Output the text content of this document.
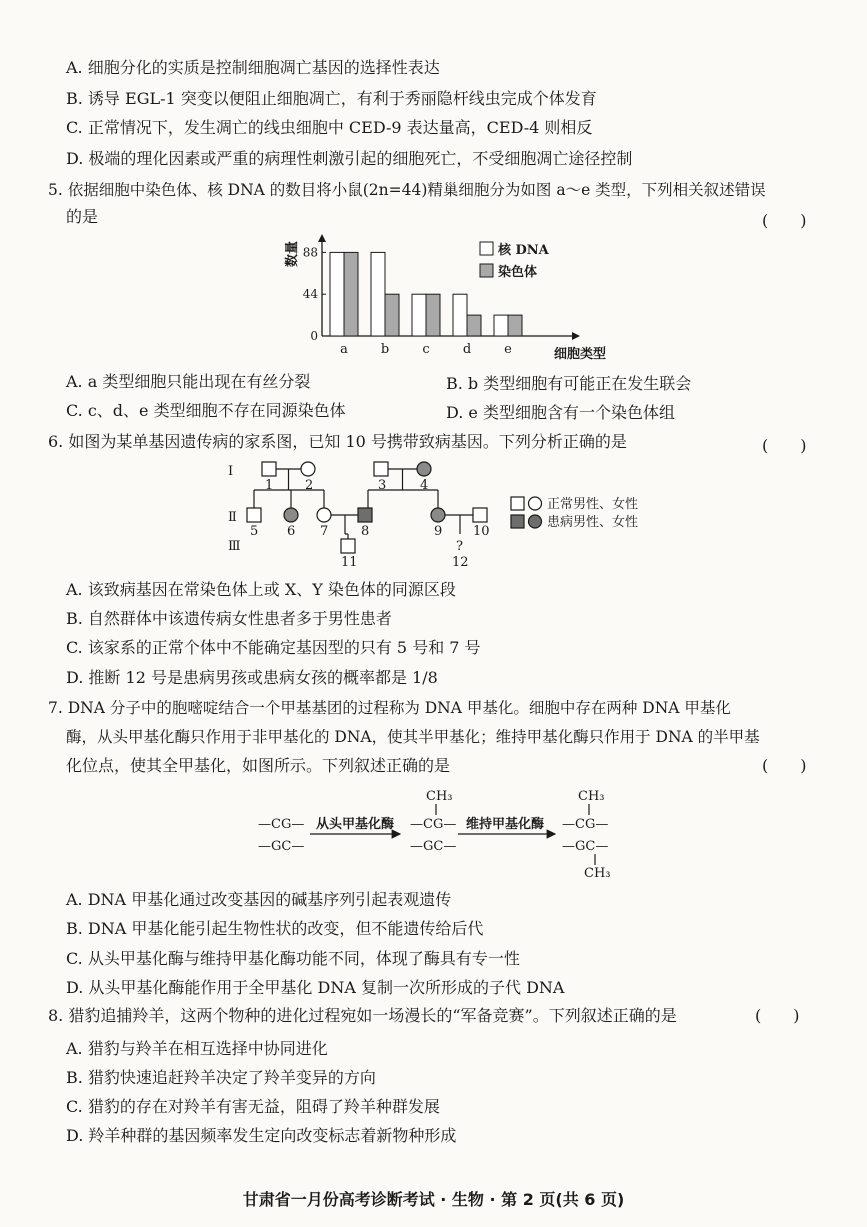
A. 细胞分化的实质是控制细胞凋亡基因的选择性表达
B. 诱导 EGL-1 突变以便阻止细胞凋亡，有利于秀丽隐杆线虫完成个体发育
C. 正常情况下，发生凋亡的线虫细胞中 CED-9 表达量高，CED-4 则相反
D. 极端的理化因素或严重的病理性刺激引起的细胞死亡，不受细胞凋亡途径控制
5. 依据细胞中染色体、核 DNA 的数目将小鼠(2n=44)精巢细胞分为如图 a～e 类型，下列相关叙述错误
的是	(　　)
数量
0
44
88
a	b	c	d	e	细胞类型
核 DNA
染色体
A. a 类型细胞只能出现在有丝分裂	B. b 类型细胞有可能正在发生联会
C. c、d、e 类型细胞不存在同源染色体	D. e 类型细胞含有一个染色体组
6. 如图为某单基因遗传病的家系图，已知 10 号携带致病基因。下列分析正确的是	(　　)
Ⅰ
Ⅱ
Ⅲ
1 2	3	4
5 6 7	8	9 10
11
?
12
正常男性、女性
患病男性、女性
A. 该致病基因在常染色体上或 X、Y 染色体的同源区段
B. 自然群体中该遗传病女性患者多于男性患者
C. 该家系的正常个体中不能确定基因型的只有 5 号和 7 号
D. 推断 12 号是患病男孩或患病女孩的概率都是 1/8
7. DNA 分子中的胞嘧啶结合一个甲基基团的过程称为 DNA 甲基化。细胞中存在两种 DNA 甲基化
酶，从头甲基化酶只作用于非甲基化的 DNA，使其半甲基化；维持甲基化酶只作用于 DNA 的半甲基
化位点，使其全甲基化，如图所示。下列叙述正确的是	(　　)
—CG—
—GC—
从头甲基化酶
CH₃
—CG—
—GC—
维持甲基化酶
CH₃
—CG—
—GC—
CH₃
A. DNA 甲基化通过改变基因的碱基序列引起表观遗传
B. DNA 甲基化能引起生物性状的改变，但不能遗传给后代
C. 从头甲基化酶与维持甲基化酶功能不同，体现了酶具有专一性
D. 从头甲基化酶能作用于全甲基化 DNA 复制一次所形成的子代 DNA
8. 猎豹追捕羚羊，这两个物种的进化过程宛如一场漫长的“军备竞赛”。下列叙述正确的是	(　　)
A. 猎豹与羚羊在相互选择中协同进化
B. 猎豹快速追赶羚羊决定了羚羊变异的方向
C. 猎豹的存在对羚羊有害无益，阻碍了羚羊种群发展
D. 羚羊种群的基因频率发生定向改变标志着新物种形成
甘肃省一月份高考诊断考试 · 生物 · 第 2 页(共 6 页)
